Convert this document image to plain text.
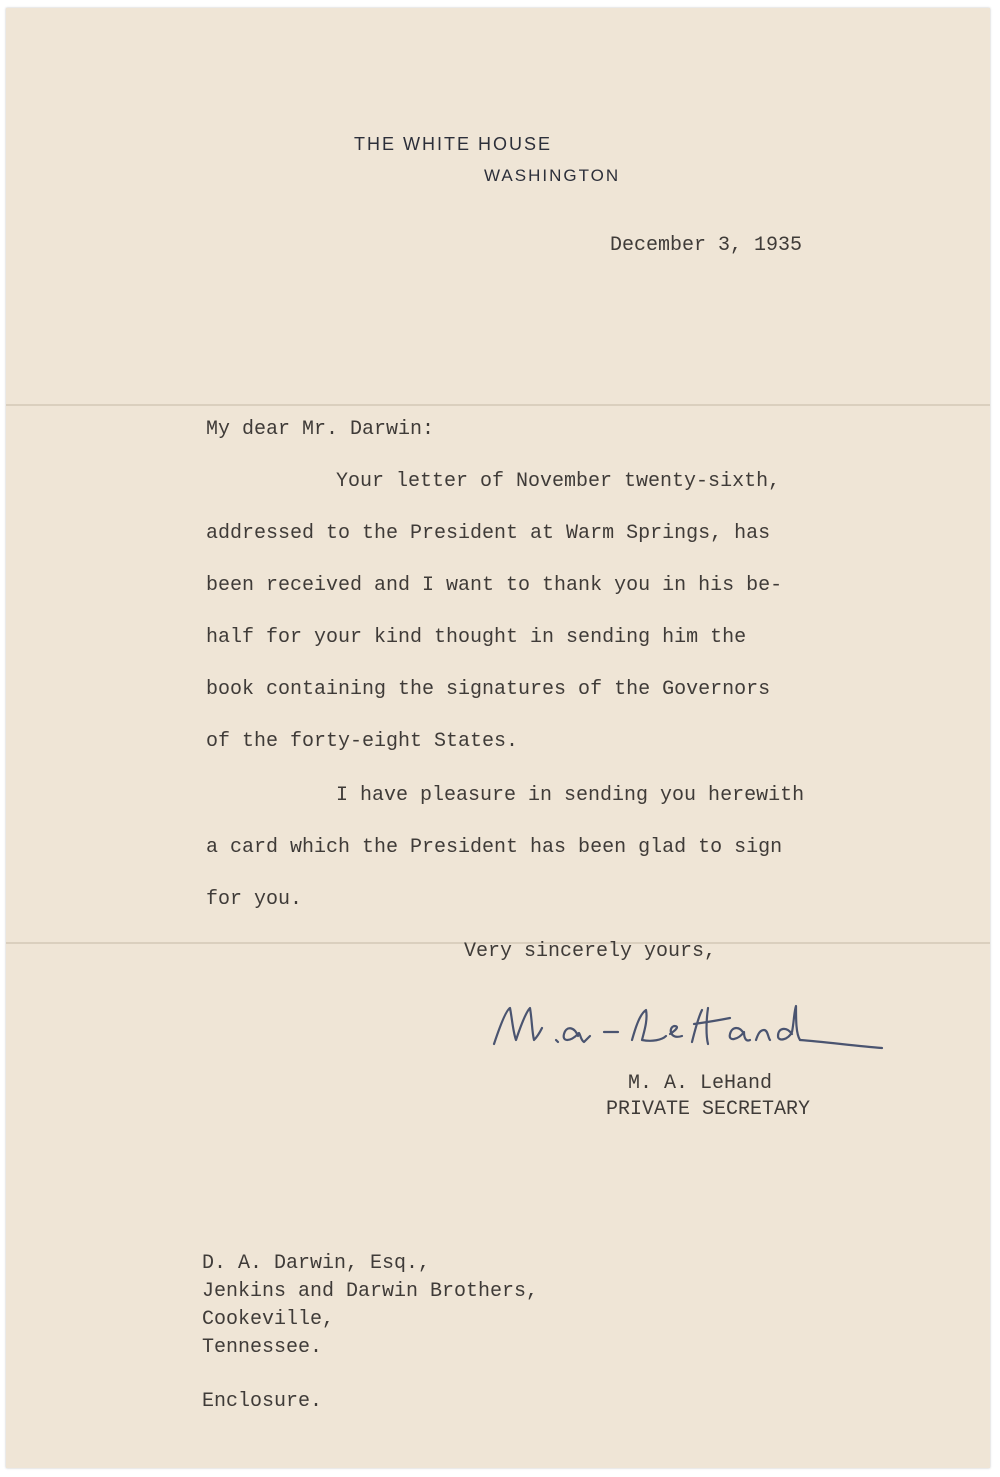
THE WHITE HOUSE
WASHINGTON
December 3, 1935
My dear Mr. Darwin:
Your letter of November twenty-sixth,
addressed to the President at Warm Springs, has
been received and I want to thank you in his be-
half for your kind thought in sending him the
book containing the signatures of the Governors
of the forty-eight States.
I have pleasure in sending you herewith
a card which the President has been glad to sign
for you.
Very sincerely yours,
M. A. LeHand
PRIVATE SECRETARY
D. A. Darwin, Esq.,
Jenkins and Darwin Brothers,
Cookeville,
Tennessee.
Enclosure.
